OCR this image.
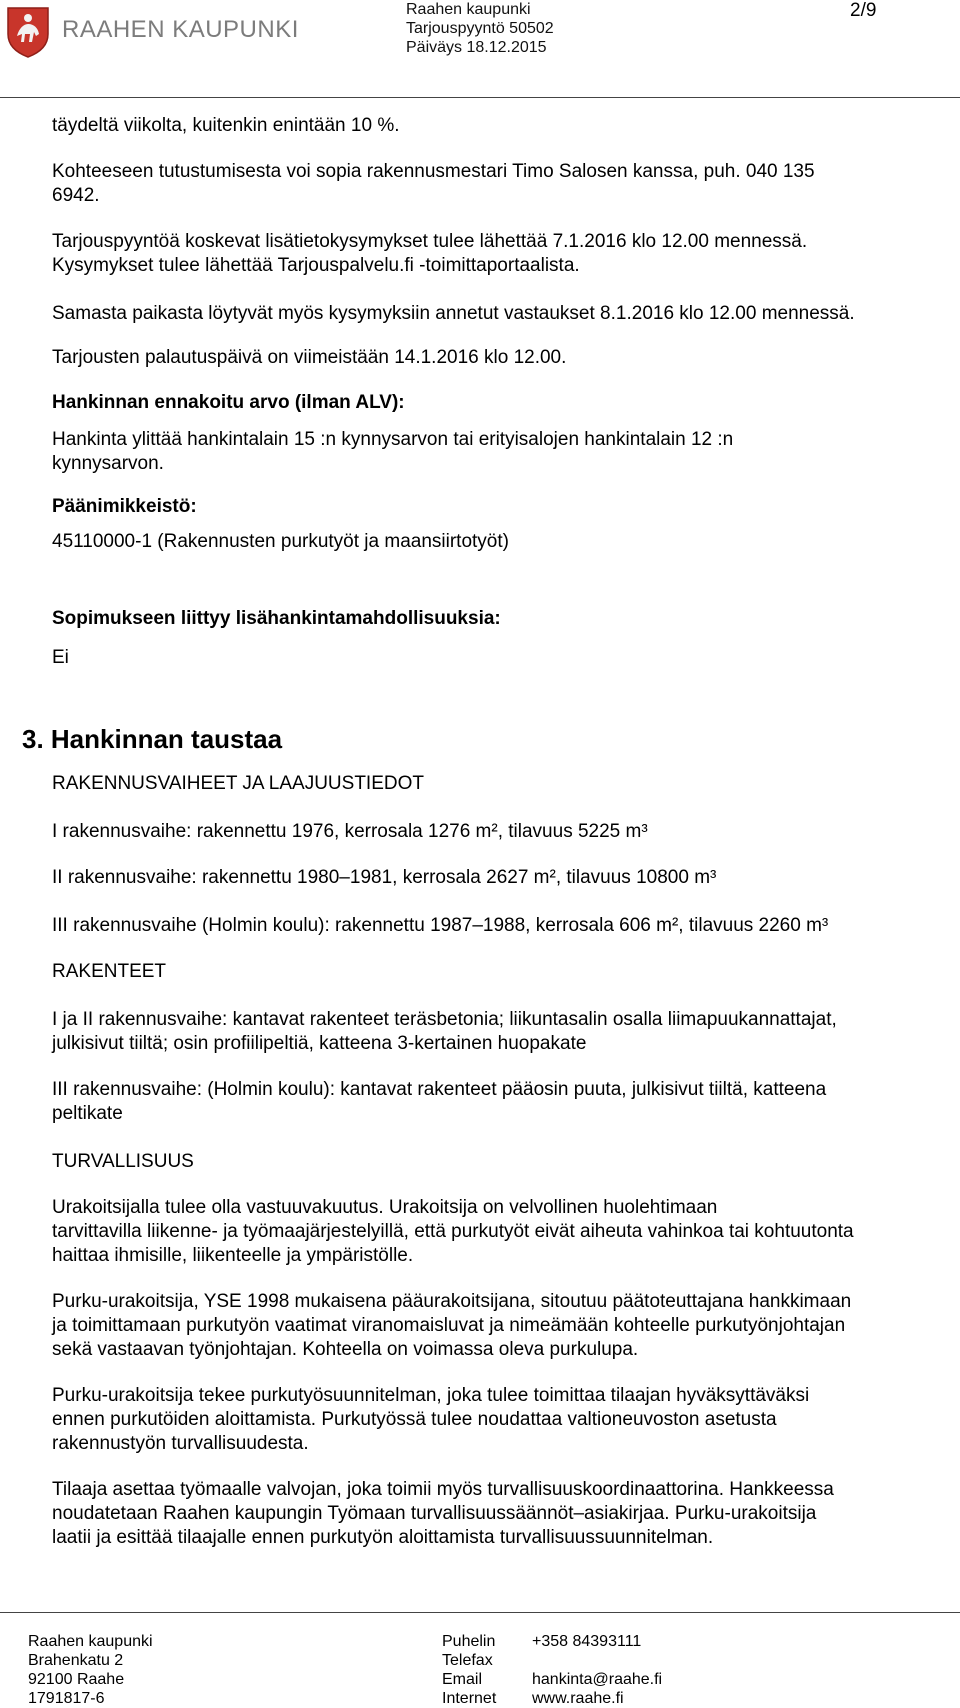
RAAHEN KAUPUNKI
Raahen kaupunki
Tarjouspyyntö 50502
Päiväys 18.12.2015
2/9
täydeltä viikolta, kuitenkin enintään 10 %.
Kohteeseen tutustumisesta voi sopia rakennusmestari Timo Salosen kanssa, puh. 040 135
6942.
Tarjouspyyntöä koskevat lisätietokysymykset tulee lähettää 7.1.2016 klo 12.00 mennessä.
Kysymykset tulee lähettää Tarjouspalvelu.fi -toimittaportaalista.
Samasta paikasta löytyvät myös kysymyksiin annetut vastaukset 8.1.2016 klo 12.00 mennessä.
Tarjousten palautuspäivä on viimeistään 14.1.2016 klo 12.00.
Hankinnan ennakoitu arvo (ilman ALV):
Hankinta ylittää hankintalain 15 :n kynnysarvon tai erityisalojen hankintalain 12 :n
kynnysarvon.
Päänimikkeistö:
45110000-1 (Rakennusten purkutyöt ja maansiirtotyöt)
Sopimukseen liittyy lisähankintamahdollisuuksia:
Ei
3. Hankinnan taustaa
RAKENNUSVAIHEET JA LAAJUUSTIEDOT
I rakennusvaihe: rakennettu 1976, kerrosala 1276 m², tilavuus 5225 m³
II rakennusvaihe: rakennettu 1980–1981, kerrosala 2627 m², tilavuus 10800 m³
III rakennusvaihe (Holmin koulu): rakennettu 1987–1988, kerrosala 606 m², tilavuus 2260 m³
RAKENTEET
I ja II rakennusvaihe: kantavat rakenteet teräsbetonia; liikuntasalin osalla liimapuukannattajat,
julkisivut tiiltä; osin profiilipeltiä, katteena 3-kertainen huopakate
III rakennusvaihe: (Holmin koulu): kantavat rakenteet pääosin puuta, julkisivut tiiltä, katteena
peltikate
TURVALLISUUS
Urakoitsijalla tulee olla vastuuvakuutus. Urakoitsija on velvollinen huolehtimaan
tarvittavilla liikenne- ja työmaajärjestelyillä, että purkutyöt eivät aiheuta vahinkoa tai kohtuutonta
haittaa ihmisille, liikenteelle ja ympäristölle.
Purku-urakoitsija, YSE 1998 mukaisena pääurakoitsijana, sitoutuu päätoteuttajana hankkimaan
ja toimittamaan purkutyön vaatimat viranomaisluvat ja nimeämään kohteelle purkutyönjohtajan
sekä vastaavan työnjohtajan. Kohteella on voimassa oleva purkulupa.
Purku-urakoitsija tekee purkutyösuunnitelman, joka tulee toimittaa tilaajan hyväksyttäväksi
ennen purkutöiden aloittamista. Purkutyössä tulee noudattaa valtioneuvoston asetusta
rakennustyön turvallisuudesta.
Tilaaja asettaa työmaalle valvojan, joka toimii myös turvallisuuskoordinaattorina. Hankkeessa
noudatetaan Raahen kaupungin Työmaan turvallisuussäännöt–asiakirjaa. Purku-urakoitsija
laatii ja esittää tilaajalle ennen purkutyön aloittamista turvallisuussuunnitelman.
Raahen kaupunki
Brahenkatu 2
92100 Raahe
1791817-6
Puhelin
Telefax
Email
Internet
+358 84393111
hankinta@raahe.fi
www.raahe.fi
